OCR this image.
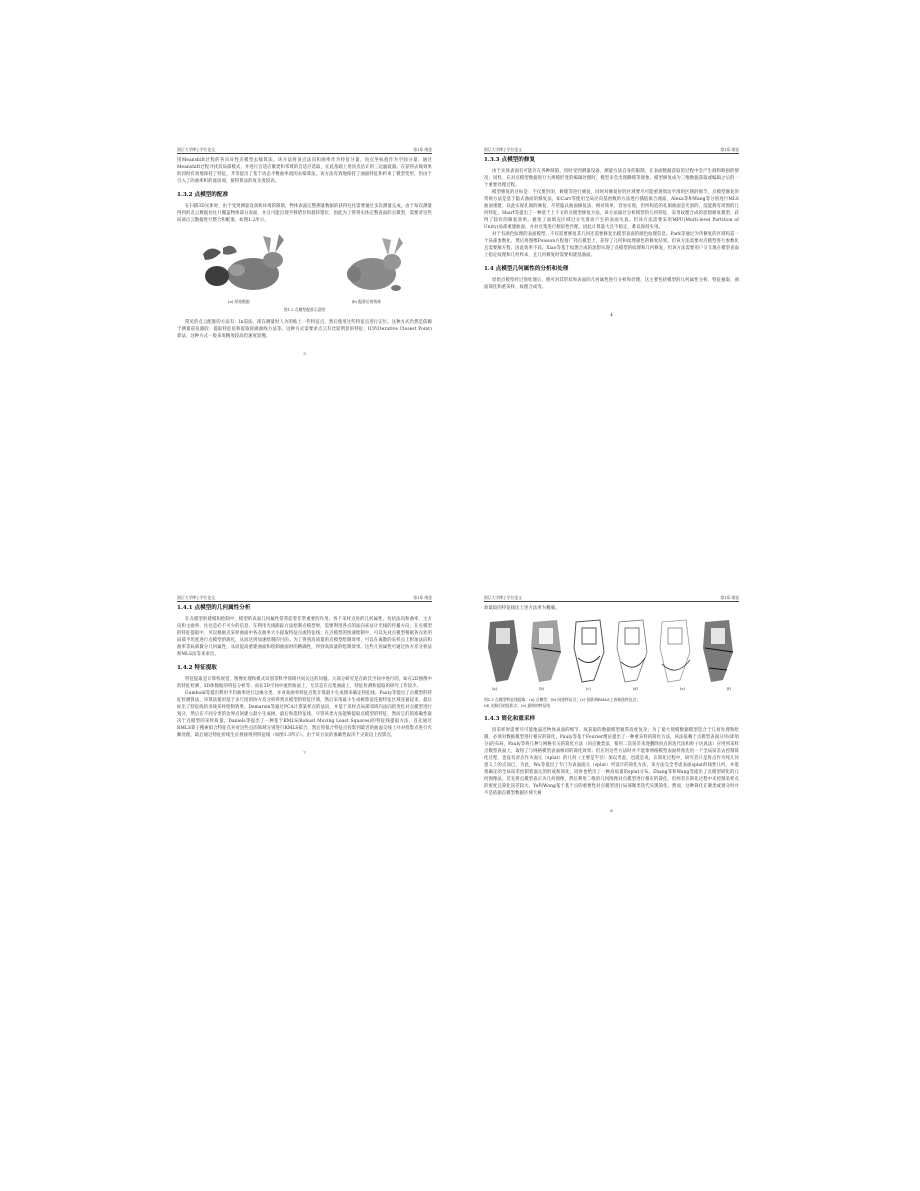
浙江大学博士学位论文	第1章 绪论

用Meanshift过程的各向异性点模型去噪算法。该方法将顶点法向和曲率作为特征分量，顶点坐标值作为空间分量，通过Meanshift过程寻找其局部模式，并进行自适应聚类和邻域的自适应选取，在此基础上用顶点估计的三边滤波器。在获得去噪效果的同时有效地保持了特征。齐等提出了基于动态平衡曲率流的去噪算法，该方法有效地保持了曲面特征和约束了模型变形，但由于引入了的曲率积的流动项，使得算法的复杂度较高。

1.3.2 点模型的配准

在扫描3D实体时，由于受到测量设备和环境的限制，物体表面完整测量数据的获得往往需要通过多次测量完成。由于每次测量得到的点云数据往往只覆盖物体部分表面，并且可能出现平移错位和旋转错位，因此为了得到实体完整表面的点模型，需要对这些局部点云数据进行整合和配准，如图1.2所示。

(a) 原始数据	(b) 配准后的效果
图1.2 点模型配准示意图

常见的点云配准的方法有：In前法，即在测量时人为的贴上一些特征点，然后使用这些特征点进行定位。这种方式仍然是依赖于测量前仪器的；提取特征依和提取轮廓曲线方法等。这种方式需要求点云有比较明显的特征；ICP(Iterative Closest Point)算法，这种方式一般来说精度较高但速度较慢。

3
浙江大学博士学位论文	第1章 绪论
1.3.3 点模型的修复

由于实体表面有可能存在各种缺陷，同时受到测量设备、测量方法自身的限制，在表面数据获取的过程中会产生洞和缺损的情况；同样，在对点模型数据进行大规模形变的编辑处理时，模型多会出现撕缝等现象。模型修复成为三维数据获取或编辑之后的一个重要处理过程。

模型修复的目标是：不仅要封闭、修缝等进行修复，同时对修复好的区域要尽可能重现周边平滑的区域的细节，点模型修复的常规方法是基于隐式曲面的修复法，如Carr等使用全局径向基函数的方法进行插值拟合曲面，Alexa等和Wang等分别进行MLS曲面重建，以此实现孔洞的修复，尽管隐式曲面修复法，相对简单、容易实现，但所构造的孔洞曲面是光滑的，没能拥有周围的几何特征。Sharf等提出了一种基于上下文的点模型修复方法，该方法通过分析模型的几何特征，采用纹理合成的思想修复模型，获得了较好的修复效果。避免了面填充区域过分光滑而产生的表面失真。但该方法需要采用MPU(Multi-level Partition of Unity)局部重建曲面，并对点集进行相似性匹配，因此计算量大且不稳定，难以保持实用。

对于有颜色纹理的表面模型，不仅需要修复其几何还需要修复出模型表面的颜色纹理信息。Park等通过为待修复的区域构造一个局部参数化，然后将图像Poisson方程推广到点模型上，获得了几何和纹理颜色的修复结果。但该方法需要对点模型进行参数化且需要解方程，因此效率不高。Xiao等基于纹理合成的思想实现了点模型的纹理和几何修复，但该方法需要用户交互地在模型表面上指定纹理和几何样本，且几何修复时需要构建基曲面。

1.4 点模型几何属性的分析和处理

原始点模型经过预处理后，便可对其形状和表面的几何属性进行分析和处理，这主要包括模型的几何属性分析、特征抽取、曲面简化和重采样、纹理合成等。

4
浙江大学博士学位论文	第1章 绪论
1.4.1 点模型的几何属性分析

在点模型的建模和绘制中，模型的表面几何属性常常起着非常重要的作用。各个采样点处的几何属性，包括法向和曲率、主方向和主曲率，往往是必不可少的信息。在利用光线跟踪方法绘制点模型时，需要利用各点的法向来估计光线的传播方向；在点模型的特征提取中，可以根据点采样曲面中各点曲率大小提取特征点或特征线；在点模型的快速绘制中，可以先对点模型根据各点处的局部平坦度进行点模型的简化，从而达到加速绘制的目的。为了得到高质量的点模型绘制效果，可以在离散的采样点上附加法向和曲率等局部微分几何属性，从而提高重建曲面和绘制曲面时的精确性，得到高质量的绘制效果。这些几何属性可通过协方差分析法和MLS法等来求出。

1.4.2 特征提取

特征提取是计算机视觉、图像处理和模式识别等科学领域共同关注的问题。大部分研究是在欧氏空间中进行的，如在2D图像中的特征检测、3D体数据的特征分析等；而在3D空间中流形曲面上，尤其是在点集曲面上，特征检测和提取的研究工作较少。

Gumhold等提出利用平均曲率进行边缘分类，并对高曲率特征点集计算最小生成图来确定特征线；Pauly等提出了点模型的特征检测算法，该算法使用基于多尺度的协方差分析得到点模型的特征区域，然后采用最小生成树算法连接特征区域连通起来，最后标出了特征线的多线采样绘制效果。Demarsin等通过PCA计算某样点的法向，并基于采样点局部邻域内法向的变化对点模型进行划分，然后在不同分类的边界点间建立最小生成树，最后和选特征线，尽管该类方法能够提取点模型的特征，然而它们的准确性取决于点模型的采样质量。Daniels等提出了一种基于RMLS(Robust Moving Least Squares)的特征线提取方法，首先通过RMLS算子搜索拟合特征点并对这些点的领域分别进行RMLS拟合，然后将拟合特征点投影到最近的曲面交线上并对投影点进行光顺处理，最后通过特征折线生长拼接得到特征线（如图1.3所示）。由于该方法的准确性取决于尖锐边上投影点，

7
浙江大学博士学位论文	第1章 绪论

故最取的特征线比上述方法更为精确。

(a)	(b)	(c)	(d)	(e)	(f)
图1.3 点模型特征线提取：(a) 点模型；(b) 网选特征点；(c) 投影到RMLS上的候选特征点；
(d) 光顺后的投影点；(e) 最终的特征线
1.4.3 简化和重采样

因采样时需要尽可能地逼近物体表面的细节，故获取的数据模型通常高度复杂；为了使大规模数据模型适合于几何处理和绘制，必须对数据模型进行相应的简化。Pauly等基于Fourier理论提出了一种重采样的简化方法，该法依赖于点模型表面分块(即划分)的布局，Pauly等将几种与网格有关的简化方法（顶点聚类法、使用二次误差来逐删除顶点的迭代法和粒子仿真法）应用到采样点模型表面上，取得了与网格模型表面相同的简化效果；但应用这些方法时并不能象网格模型表面样预先用一个全局误差去控制简化过程，也没有对点作为面元（splat）的几何（主要是半径）加以考虑，也就是说，在简化过程中，研究者只是将点作为纯几何意义上的点而已，为此，Wu等提出了专门为表面面元（splat）所设计的简化方法，该方法完全考虑表面splat的线性几何，并能将确定的全局误差控制着面元的形成和简化，同时也给出了一种高质量的splat分布。Zhang等和Wang等提出了点模型简化的几何图像法，首先将点模型表示为几何图像，然后利用二维的几何图像对点模型进行相应的简化。但两者在简化过程中未控制采样点的密度且简化误差较大。Yu和Wong基于基于点的重要性对点模型进行局部聚类迭代实现简化。然而，这种简化在聚类或划分时并不是依据点模型数据区域大树

8
